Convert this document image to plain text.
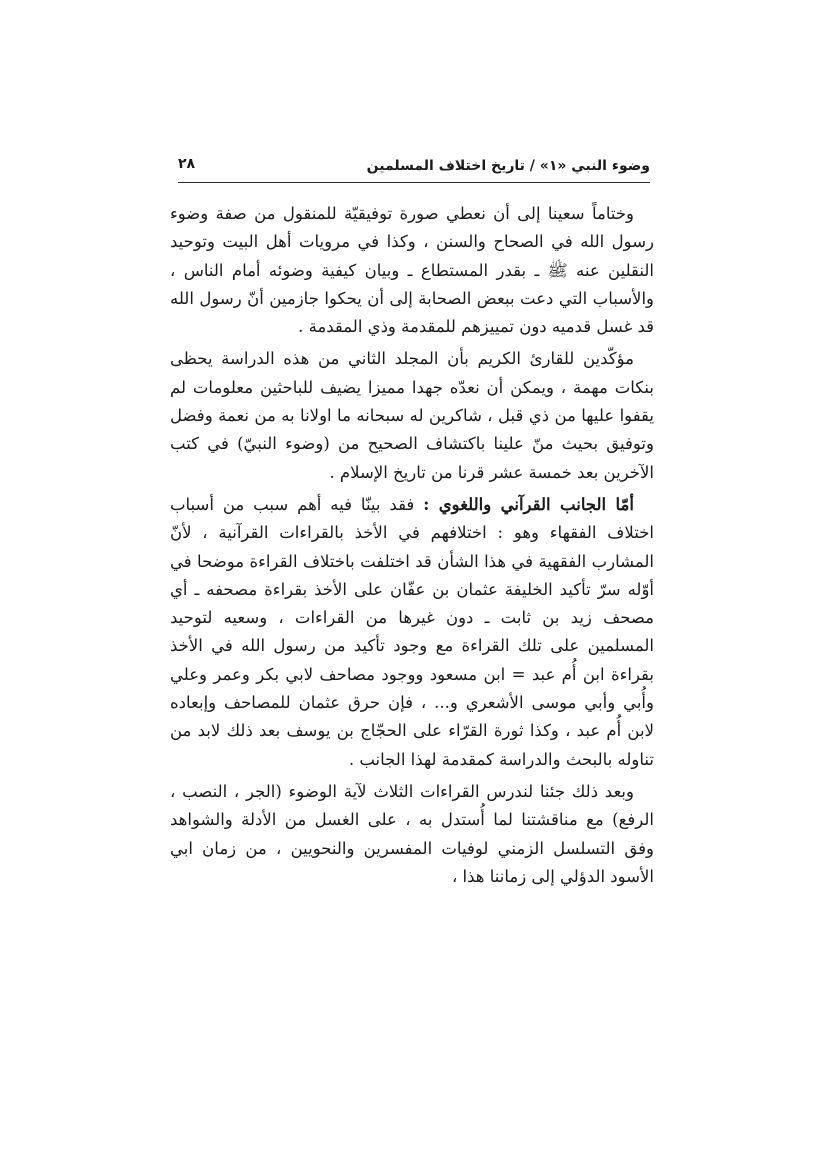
وضوء النبي «١» / تاريخ اختلاف المسلمين
٢٨

وختاماً سعينا إلى أن نعطي صورة توفيقيّة للمنقول من صفة وضوء رسول الله في الصحاح والسنن ، وكذا في مرويات أهل البيت وتوحيد النقلين عنه ﷺ ـ بقدر المستطاع ـ وبيان كيفية وضوئه أمام الناس ، والأسباب التي دعت ببعض الصحابة إلى أن يحكوا جازمين أنّ رسول الله قد غسل قدميه دون تمييزهم للمقدمة وذي المقدمة .

مؤكّدين للقارئ الكريم بأن المجلد الثاني من هذه الدراسة يحظى بنكات مهمة ، ويمكن أن نعدّه جهدا مميزا يضيف للباحثين معلومات لم يقفوا عليها من ذي قبل ، شاكرين له سبحانه ما اولانا به من نعمة وفضل وتوفيق بحيث منّ علينا باكتشاف الصحيح من (وضوء النبيّ) في كتب الآخرين بعد خمسة عشر قرنا من تاريخ الإسلام .

أمّا الجانب القرآني واللغوي : فقد بينّا فيه أهم سبب من أسباب اختلاف الفقهاء وهو : اختلافهم في الأخذ بالقراءات القرآنية ، لأنّ المشارب الفقهية في هذا الشأن قد اختلفت باختلاف القراءة موضحا في أوّله سرّ تأكيد الخليفة عثمان بن عفّان على الأخذ بقراءة مصحفه ـ أي مصحف زيد بن ثابت ـ دون غيرها من القراءات ، وسعيه لتوحيد المسلمين على تلك القراءة مع وجود تأكيد من رسول الله في الأخذ بقراءة ابن أُم عبد = ابن مسعود ووجود مصاحف لابي بكر وعمر وعلي وأُبي وأبي موسى الأشعري و... ، فإن حرق عثمان للمصاحف وإبعاده لابن أُم عبد ، وكذا ثورة القرّاء على الحجّاج بن يوسف بعد ذلك لابد من تناوله بالبحث والدراسة كمقدمة لهذا الجانب .

وبعد ذلك جئنا لندرس القراءات الثلاث لآية الوضوء (الجر ، النصب ، الرفع) مع مناقشتنا لما أُستدل به ، على الغسل من الأدلة والشواهد وفق التسلسل الزمني لوفيات المفسرين والنحويين ، من زمان ابي الأسود الدؤلي إلى زماننا هذا ،
